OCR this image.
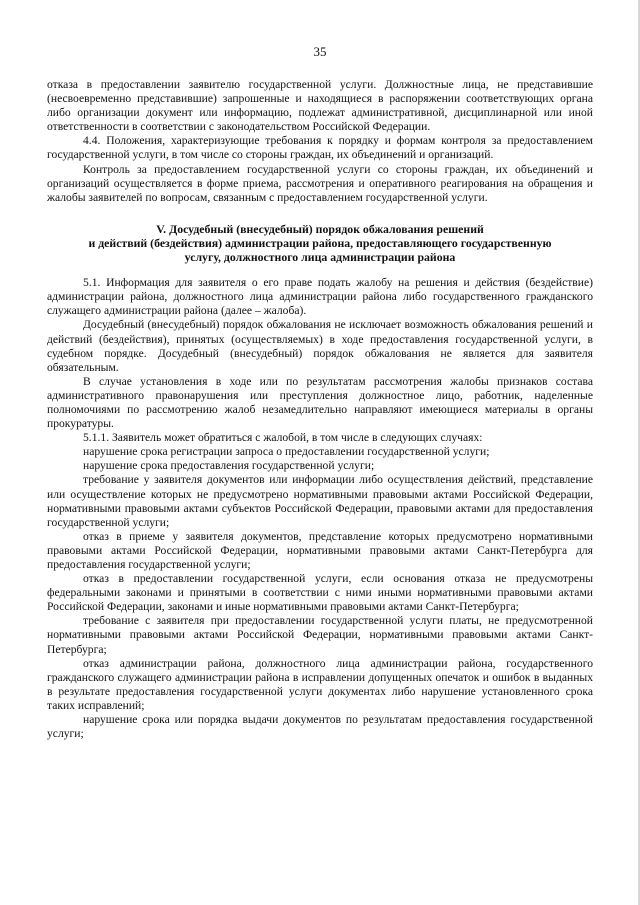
35

отказа в предоставлении заявителю государственной услуги. Должностные лица, не представившие (несвоевременно представившие) запрошенные и находящиеся в распоряжении соответствующих органа либо организации документ или информацию, подлежат административной, дисциплинарной или иной ответственности в соответствии с законодательством Российской Федерации.

4.4. Положения, характеризующие требования к порядку и формам контроля за предоставлением государственной услуги, в том числе со стороны граждан, их объединений и организаций.

Контроль за предоставлением государственной услуги со стороны граждан, их объединений и организаций осуществляется в форме приема, рассмотрения и оперативного реагирования на обращения и жалобы заявителей по вопросам, связанным с предоставлением государственной услуги.

V. Досудебный (внесудебный) порядок обжалования решений
и действий (бездействия) администрации района, предоставляющего государственную
услугу, должностного лица администрации района

5.1. Информация для заявителя о его праве подать жалобу на решения и действия (бездействие) администрации района, должностного лица администрации района либо государственного гражданского служащего администрации района (далее – жалоба).

Досудебный (внесудебный) порядок обжалования не исключает возможность обжалования решений и действий (бездействия), принятых (осуществляемых) в ходе предоставления государственной услуги, в судебном порядке. Досудебный (внесудебный) порядок обжалования не является для заявителя обязательным.

В случае установления в ходе или по результатам рассмотрения жалобы признаков состава административного правонарушения или преступления должностное лицо, работник, наделенные полномочиями по рассмотрению жалоб незамедлительно направляют имеющиеся материалы в органы прокуратуры.

5.1.1. Заявитель может обратиться с жалобой, в том числе в следующих случаях:

нарушение срока регистрации запроса о предоставлении государственной услуги;

нарушение срока предоставления государственной услуги;

требование у заявителя документов или информации либо осуществления действий, представление или осуществление которых не предусмотрено нормативными правовыми актами Российской Федерации, нормативными правовыми актами субъектов Российской Федерации, правовыми актами для предоставления государственной услуги;

отказ в приеме у заявителя документов, представление которых предусмотрено нормативными правовыми актами Российской Федерации, нормативными правовыми актами Санкт-Петербурга для предоставления государственной услуги;

отказ в предоставлении государственной услуги, если основания отказа не предусмотрены федеральными законами и принятыми в соответствии с ними иными нормативными правовыми актами Российской Федерации, законами и иные нормативными правовыми актами Санкт-Петербурга;

требование с заявителя при предоставлении государственной услуги платы, не предусмотренной нормативными правовыми актами Российской Федерации, нормативными правовыми актами Санкт-Петербурга;

отказ администрации района, должностного лица администрации района, государственного гражданского служащего администрации района в исправлении допущенных опечаток и ошибок в выданных в результате предоставления государственной услуги документах либо нарушение установленного срока таких исправлений;

нарушение срока или порядка выдачи документов по результатам предоставления государственной услуги;
